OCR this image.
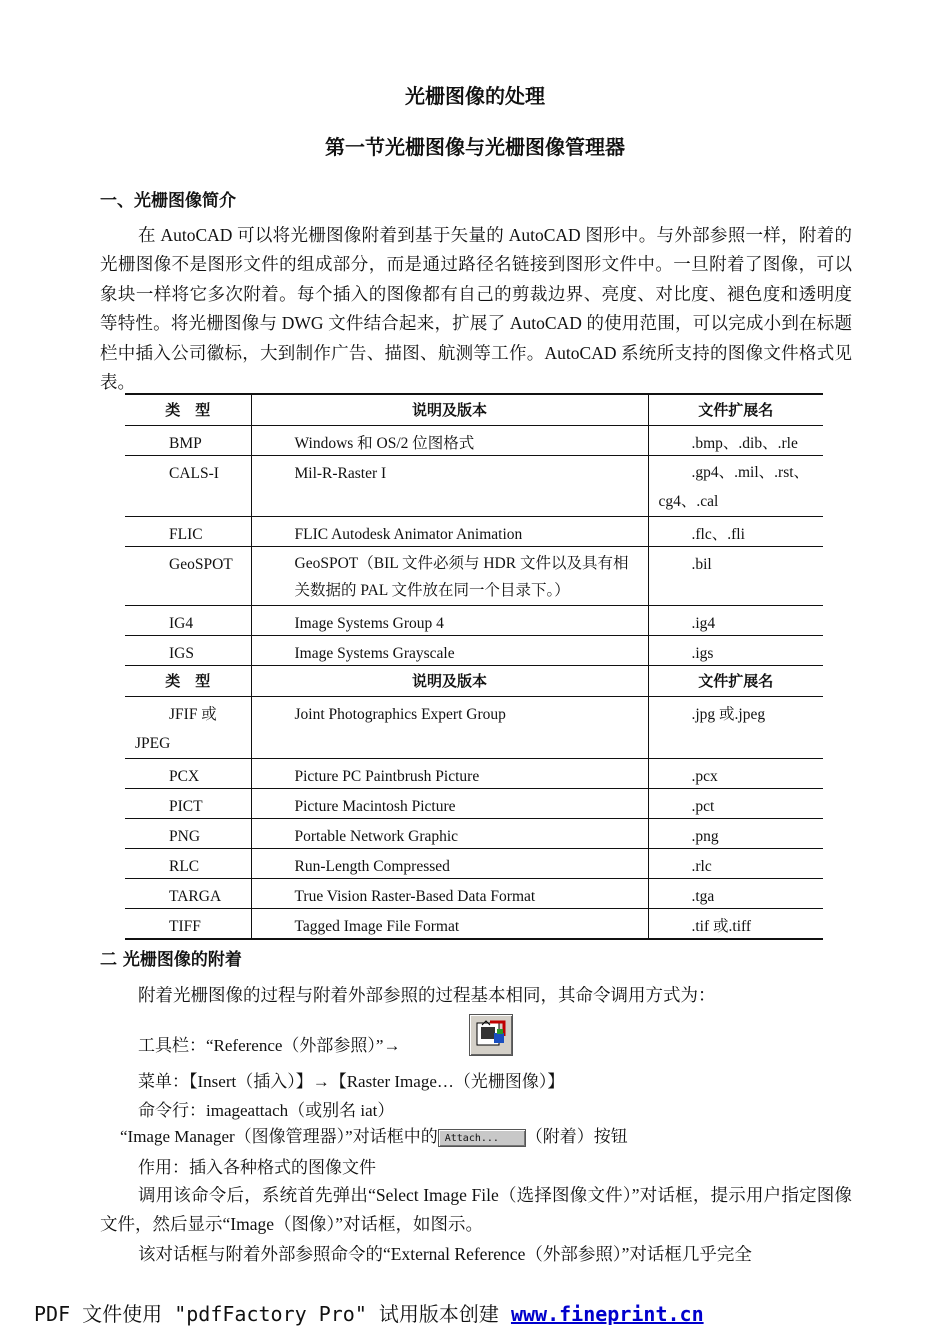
光栅图像的处理
第一节光栅图像与光栅图像管理器
一、光栅图像简介

在 AutoCAD 可以将光栅图像附着到基于矢量的 AutoCAD 图形中。与外部参照一样，附着的光栅图像不是图形文件的组成部分，而是通过路径名链接到图形文件中。一旦附着了图像，可以象块一样将它多次附着。每个插入的图像都有自己的剪裁边界、亮度、对比度、褪色度和透明度等特性。将光栅图像与 DWG 文件结合起来，扩展了 AutoCAD 的使用范围，可以完成小到在标题栏中插入公司徽标，大到制作广告、描图、航测等工作。AutoCAD 系统所支持的图像文件格式见表。

类　型	说明及版本	文件扩展名

BMP	Windows 和 OS/2 位图格式	.bmp、.dib、.rle

CALS-I	Mil-R-Raster I	.gp4、.mil、.rst、cg4、.cal

FLIC	FLIC Autodesk Animator Animation	.flc、.fli

GeoSPOT	GeoSPOT（BIL 文件必须与 HDR 文件以及具有相关数据的 PAL 文件放在同一个目录下。）	.bil

IG4	Image Systems Group 4	.ig4

IGS	Image Systems Grayscale	.igs

类　型	说明及版本	文件扩展名

JFIF 或 JPEG	Joint Photographics Expert Group	.jpg 或.jpeg

PCX	Picture PC Paintbrush Picture	.pcx

PICT	Picture Macintosh Picture	.pct

PNG	Portable Network Graphic	.png

RLC	Run-Length Compressed	.rlc

TARGA	True Vision Raster-Based Data Format	.tga

TIFF	Tagged Image File Format	.tif 或.tiff
二 光栅图像的附着
附着光栅图像的过程与附着外部参照的过程基本相同，其命令调用方式为：
工具栏：“Reference（外部参照）”→
菜单：【Insert（插入）】→【Raster Image…（光栅图像）】
命令行：imageattach（或别名 iat）
“Image Manager（图像管理器）”对话框中的 Attach... （附着）按钮
作用：插入各种格式的图像文件

调用该命令后，系统首先弹出“Select Image File（选择图像文件）”对话框，提示用户指定图像文件，然后显示“Image（图像）”对话框，如图示。

该对话框与附着外部参照命令的“External Reference（外部参照）”对话框几乎完全

PDF 文件使用 "pdfFactory Pro" 试用版本创建 www.fineprint.cn
